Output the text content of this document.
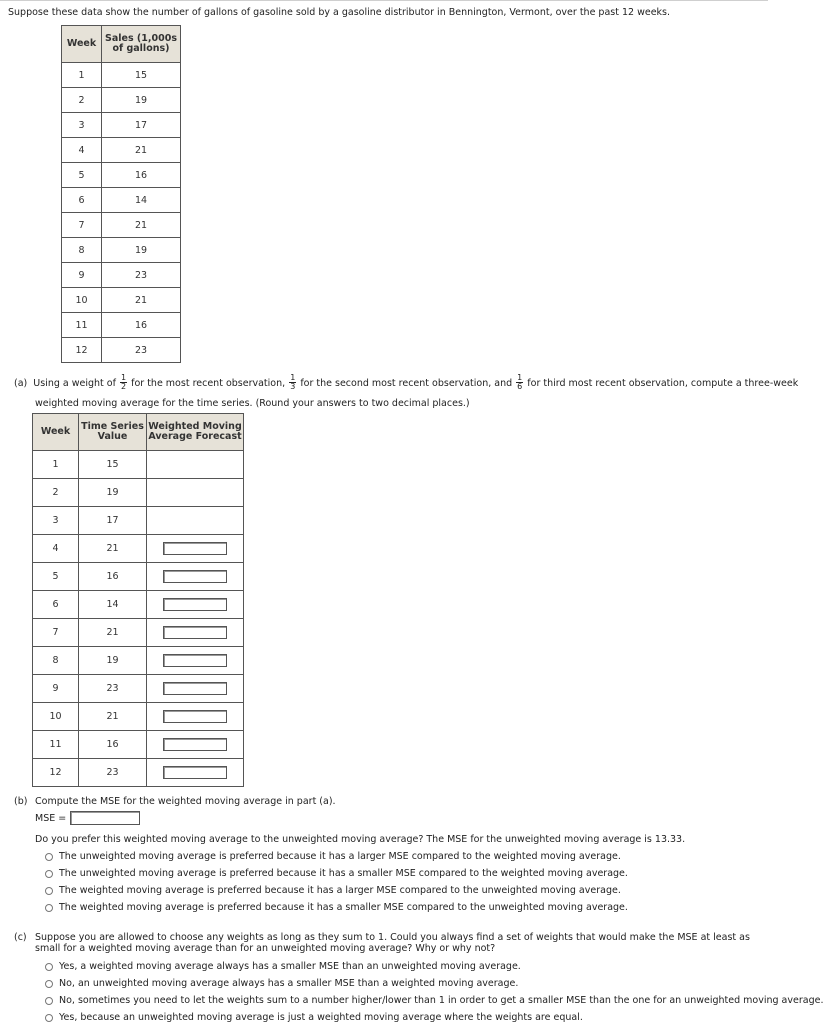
Suppose these data show the number of gallons of gasoline sold by a gasoline distributor in Bennington, Vermont, over the past 12 weeks.
Week	Sales (1,000s of gallons)
1	15
2	19
3	17
4	21
5	16
6	14
7	21
8	19
9	23
10	21
11	16
12	23
(a) Using a weight of $\frac{1}{2}$ for the most recent observation, $\frac{1}{3}$ for the second most recent observation, and $\frac{1}{6}$ for third most recent observation, compute a three-week
weighted moving average for the time series. (Round your answers to two decimal places.)
Week	Time Series Value	Weighted Moving Average Forecast
1	15	
2	19	
3	17	
4	21	
5	16	
6	14	
7	21	
8	19	
9	23	
10	21	
11	16	
12	23	
(b) Compute the MSE for the weighted moving average in part (a).
MSE =
Do you prefer this weighted moving average to the unweighted moving average? The MSE for the unweighted moving average is 13.33.
The unweighted moving average is preferred because it has a larger MSE compared to the weighted moving average.
The unweighted moving average is preferred because it has a smaller MSE compared to the weighted moving average.
The weighted moving average is preferred because it has a larger MSE compared to the unweighted moving average.
The weighted moving average is preferred because it has a smaller MSE compared to the unweighted moving average.
(c) Suppose you are allowed to choose any weights as long as they sum to 1. Could you always find a set of weights that would make the MSE at least as small for a weighted moving average than for an unweighted moving average? Why or why not?
Yes, a weighted moving average always has a smaller MSE than an unweighted moving average.
No, an unweighted moving average always has a smaller MSE than a weighted moving average.
No, sometimes you need to let the weights sum to a number higher/lower than 1 in order to get a smaller MSE than the one for an unweighted moving average.
Yes, because an unweighted moving average is just a weighted moving average where the weights are equal.
